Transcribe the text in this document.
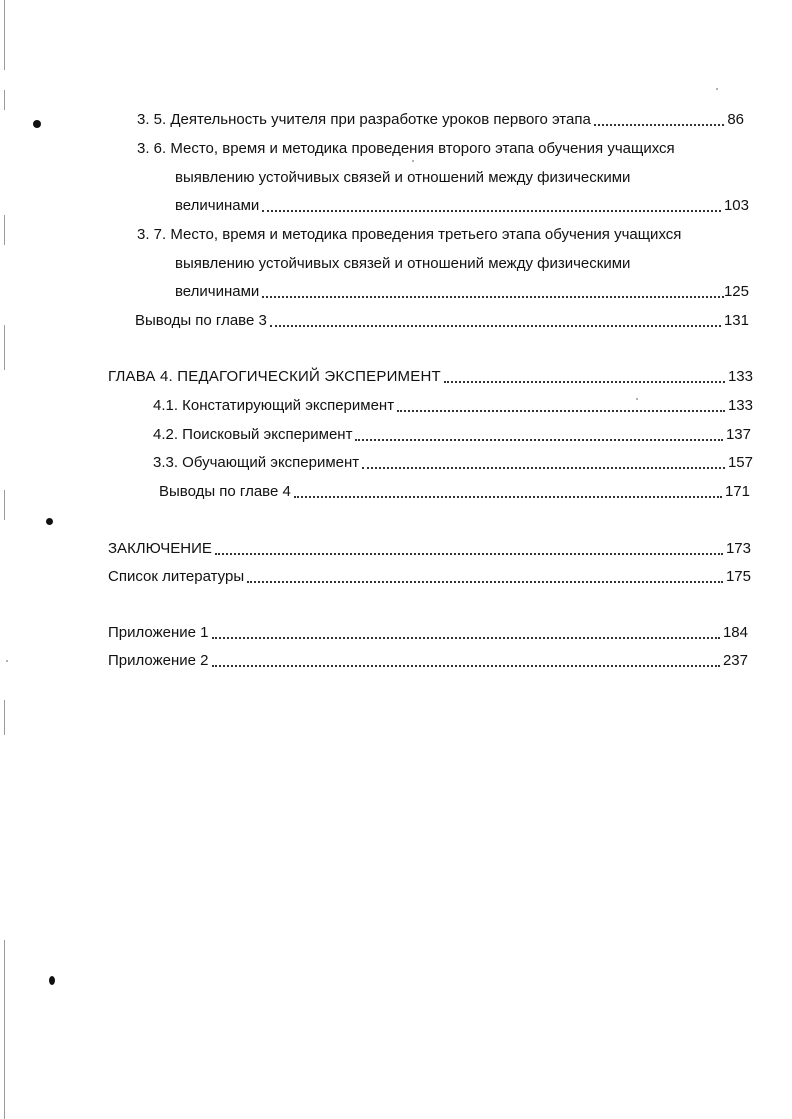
3. 5. Деятельность учителя при разработке уроков первого этапа	86
3. 6. Место, время и методика проведения второго этапа обучения учащихся
выявлению устойчивых связей и отношений между физическими
величинами	103
3. 7. Место, время и методика проведения третьего этапа обучения учащихся
выявлению устойчивых связей и отношений между физическими
величинами	125
Выводы по главе 3	131
ГЛАВА 4. ПЕДАГОГИЧЕСКИЙ ЭКСПЕРИМЕНТ	133
4.1. Констатирующий эксперимент	133
4.2. Поисковый эксперимент	137
3.3. Обучающий эксперимент	157
Выводы по главе 4	171
ЗАКЛЮЧЕНИЕ	173
Список литературы	175
Приложение 1	184
Приложение 2	237
